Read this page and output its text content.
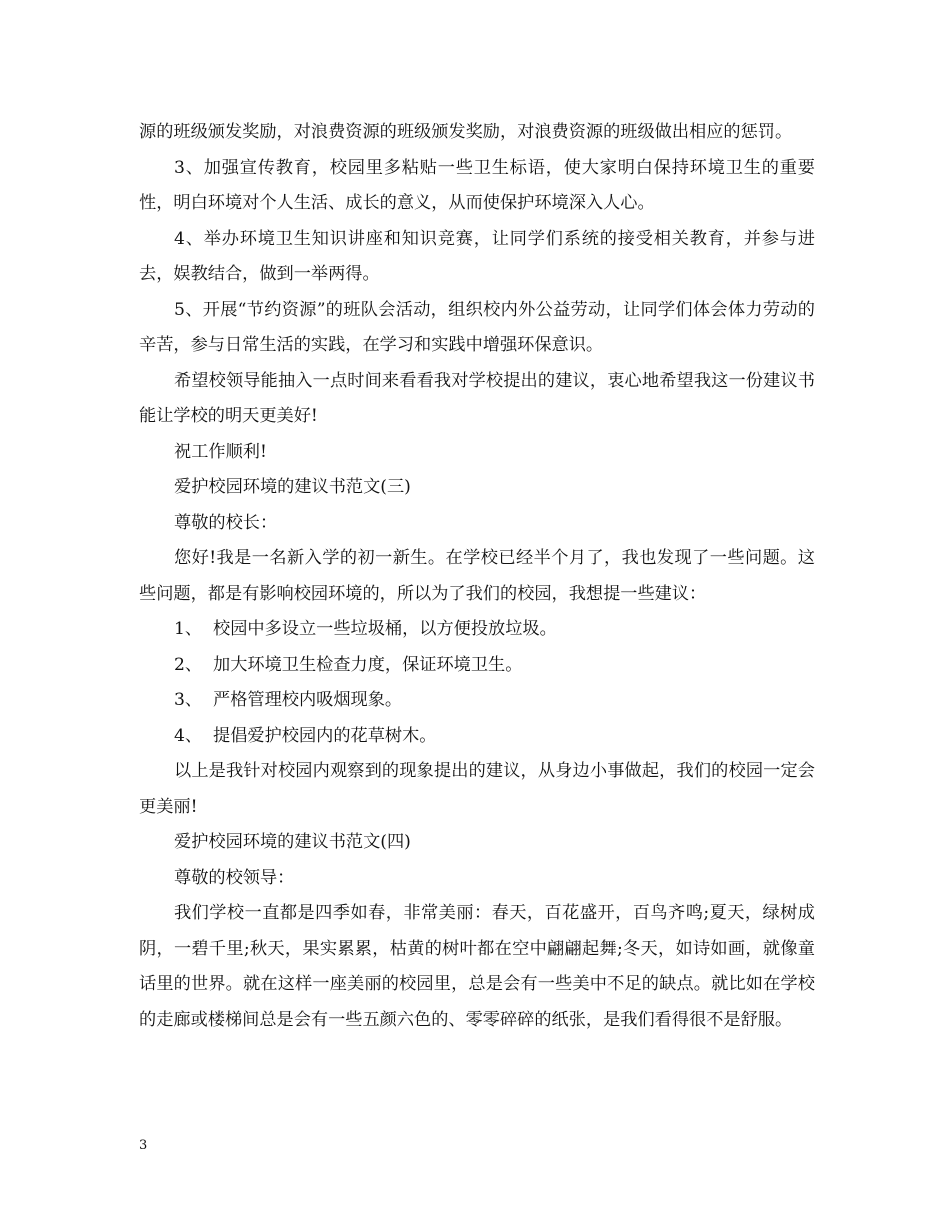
源的班级颁发奖励，对浪费资源的班级颁发奖励，对浪费资源的班级做出相应的惩罚。

3、加强宣传教育，校园里多粘贴一些卫生标语，使大家明白保持环境卫生的重要性，明白环境对个人生活、成长的意义，从而使保护环境深入人心。

4、举办环境卫生知识讲座和知识竞赛，让同学们系统的接受相关教育，并参与进去，娱教结合，做到一举两得。

5、开展“节约资源”的班队会活动，组织校内外公益劳动，让同学们体会体力劳动的辛苦，参与日常生活的实践，在学习和实践中增强环保意识。

希望校领导能抽入一点时间来看看我对学校提出的建议，衷心地希望我这一份建议书能让学校的明天更美好!

祝工作顺利!

爱护校园环境的建议书范文(三)

尊敬的校长：

您好!我是一名新入学的初一新生。在学校已经半个月了，我也发现了一些问题。这些问题，都是有影响校园环境的，所以为了我们的校园，我想提一些建议：

1、  校园中多设立一些垃圾桶，以方便投放垃圾。

2、  加大环境卫生检查力度，保证环境卫生。

3、  严格管理校内吸烟现象。

4、  提倡爱护校园内的花草树木。

以上是我针对校园内观察到的现象提出的建议，从身边小事做起，我们的校园一定会更美丽!

爱护校园环境的建议书范文(四)

尊敬的校领导：

我们学校一直都是四季如春，非常美丽：春天，百花盛开，百鸟齐鸣;夏天，绿树成阴，一碧千里;秋天，果实累累，枯黄的树叶都在空中翩翩起舞;冬天，如诗如画，就像童话里的世界。就在这样一座美丽的校园里，总是会有一些美中不足的缺点。就比如在学校的走廊或楼梯间总是会有一些五颜六色的、零零碎碎的纸张，是我们看得很不是舒服。

3
